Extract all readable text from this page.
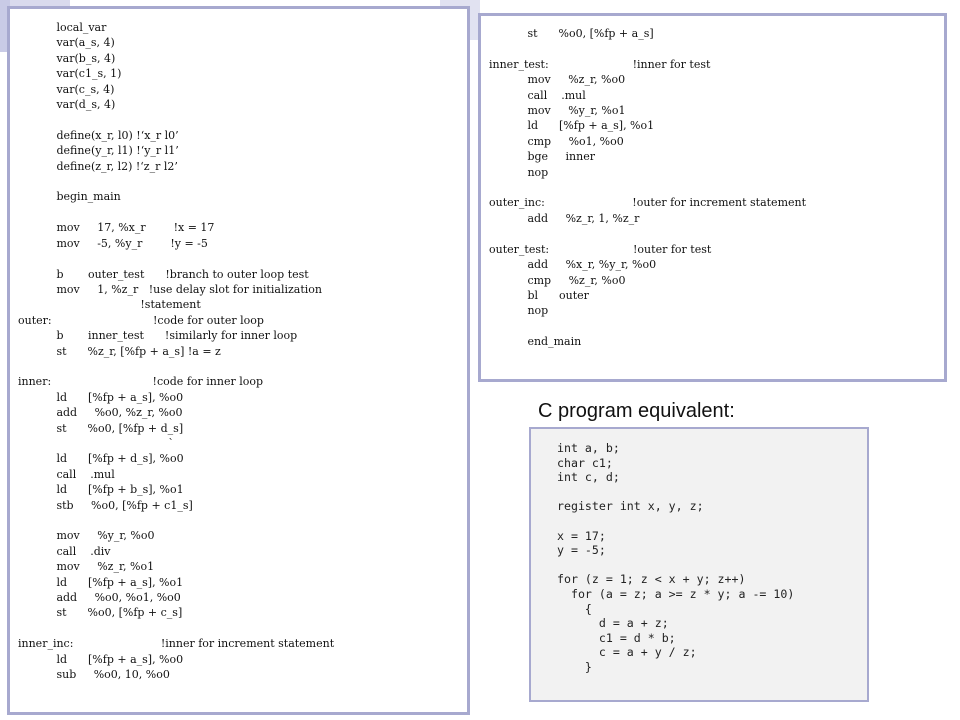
local_var
var(a_s, 4)
var(b_s, 4)
var(c1_s, 1)
var(c_s, 4)
var(d_s, 4)

define(x_r, l0) !‘x_r l0’
define(y_r, l1) !‘y_r l1’
define(z_r, l2) !‘z_r l2’

begin_main

mov     17, %x_r        !x = 17
mov     -5, %y_r        !y = -5

b       outer_test      !branch to outer loop test
mov     1, %z_r   !use delay slot for initialization
!statement
outer:                             !code for outer loop
b       inner_test      !similarly for inner loop
st      %z_r, [%fp + a_s] !a = z

inner:                             !code for inner loop
ld      [%fp + a_s], %o0
add     %o0, %z_r, %o0
st      %o0, [%fp + d_s]
`
ld      [%fp + d_s], %o0
call    .mul
ld      [%fp + b_s], %o1
stb     %o0, [%fp + c1_s]

mov     %y_r, %o0
call    .div
mov     %z_r, %o1
ld      [%fp + a_s], %o1
add     %o0, %o1, %o0
st      %o0, [%fp + c_s]

inner_inc:                         !inner for increment statement
ld      [%fp + a_s], %o0
sub     %o0, 10, %o0
st      %o0, [%fp + a_s]

inner_test:                        !inner for test
mov     %z_r, %o0
call    .mul
mov     %y_r, %o1
ld      [%fp + a_s], %o1
cmp     %o1, %o0
bge     inner
nop

outer_inc:                         !outer for increment statement
add     %z_r, 1, %z_r

outer_test:                        !outer for test
add     %x_r, %y_r, %o0
cmp     %z_r, %o0
bl      outer
nop

end_main
C program equivalent:
int a, b;
char c1;
int c, d;

register int x, y, z;

x = 17;
y = -5;

for (z = 1; z < x + y; z++)
for (a = z; a >= z * y; a -= 10)
{
d = a + z;
c1 = d * b;
c = a + y / z;
}
